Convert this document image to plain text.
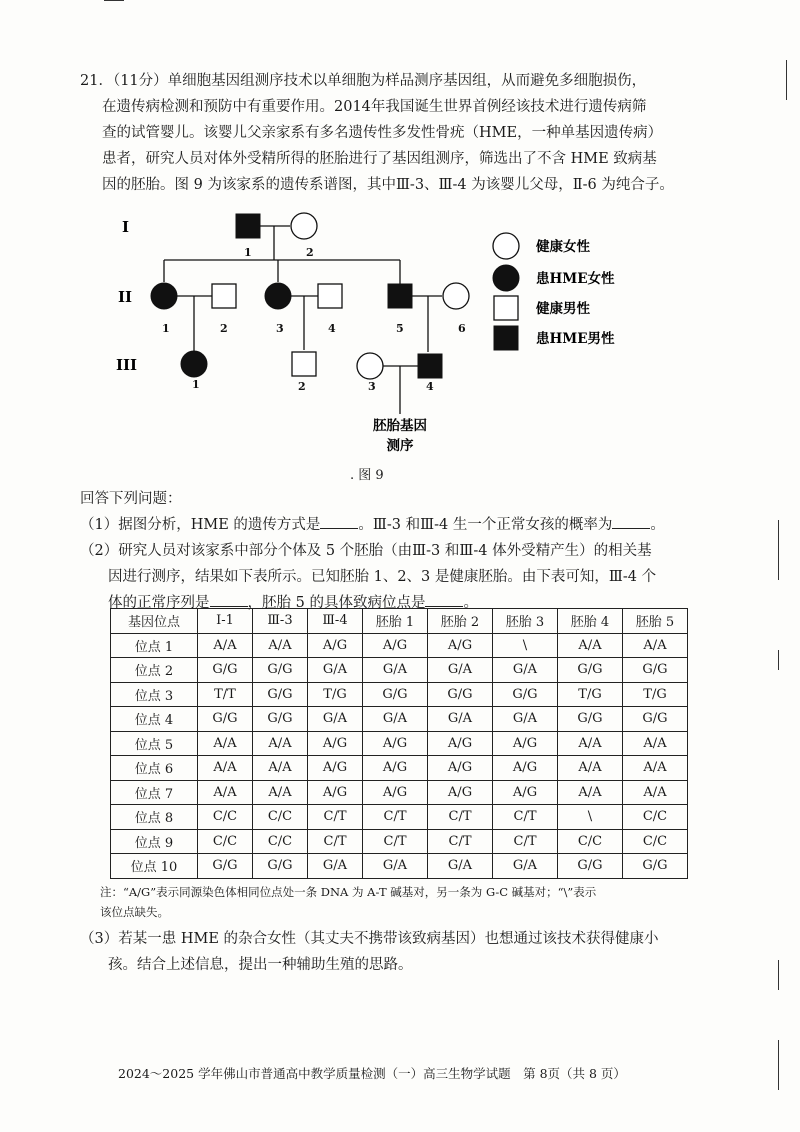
21．（11分）单细胞基因组测序技术以单细胞为样品测序基因组，从而避免多细胞损伤，
在遗传病检测和预防中有重要作用。2014年我国诞生世界首例经该技术进行遗传病筛
查的试管婴儿。该婴儿父亲家系有多名遗传性多发性骨疣（HME，一种单基因遗传病）
患者，研究人员对体外受精所得的胚胎进行了基因组测序，筛选出了不含 HME 致病基
因的胚胎。图 9 为该家系的遗传系谱图，其中Ⅲ-3、Ⅲ-4 为该婴儿父母，Ⅱ-6 为纯合子。
I
II
III
1	2
1	2	3	4	5	6
1	2	3	4
胚胎基因
测序
健康女性
患HME女性
健康男性
患HME男性
. 图 9
回答下列问题：
（1）据图分析，HME 的遗传方式是	。Ⅲ-3 和Ⅲ-4 生一个正常女孩的概率为	。
（2）研究人员对该家系中部分个体及 5 个胚胎（由Ⅲ-3 和Ⅲ-4 体外受精产生）的相关基
因进行测序，结果如下表所示。已知胚胎 1、2、3 是健康胚胎。由下表可知，Ⅲ-4 个
体的正常序列是	，胚胎 5 的具体致病位点是	。
基因位点	I-1	Ⅲ-3	Ⅲ-4	胚胎 1	胚胎 2	胚胎 3	胚胎 4	胚胎 5
位点 1	A/A	A/A	A/G	A/G	A/G	\	A/A	A/A
位点 2	G/G	G/G	G/A	G/A	G/A	G/A	G/G	G/G
位点 3	T/T	G/G	T/G	G/G	G/G	G/G	T/G	T/G
位点 4	G/G	G/G	G/A	G/A	G/A	G/A	G/G	G/G
位点 5	A/A	A/A	A/G	A/G	A/G	A/G	A/A	A/A
位点 6	A/A	A/A	A/G	A/G	A/G	A/G	A/A	A/A
位点 7	A/A	A/A	A/G	A/G	A/G	A/G	A/A	A/A
位点 8	C/C	C/C	C/T	C/T	C/T	C/T	\	C/C
位点 9	C/C	C/C	C/T	C/T	C/T	C/T	C/C	C/C
位点 10	G/G	G/G	G/A	G/A	G/A	G/A	G/G	G/G
注：“A/G”表示同源染色体相同位点处一条 DNA 为 A-T 碱基对，另一条为 G-C 碱基对；“\”表示
该位点缺失。
（3）若某一患 HME 的杂合女性（其丈夫不携带该致病基因）也想通过该技术获得健康小
孩。结合上述信息，提出一种辅助生殖的思路。
2024～2025 学年佛山市普通高中教学质量检测（一）高三生物学试题　第 8页（共 8 页）
